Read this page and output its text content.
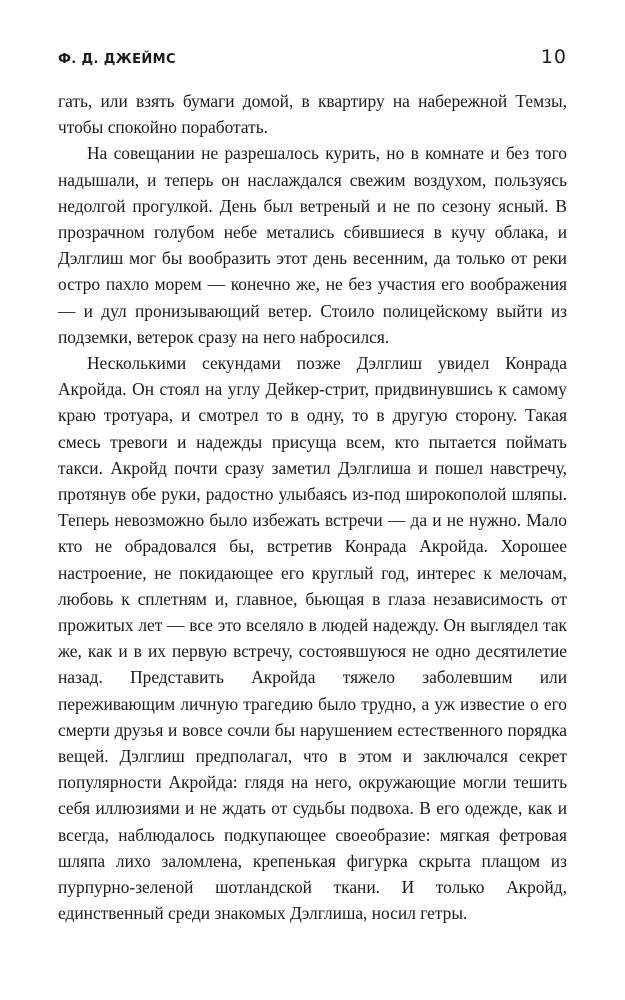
Ф. Д. ДЖЕЙМС	10

гать, или взять бумаги домой, в квартиру на набережной Темзы, чтобы спокойно поработать.

На совещании не разрешалось курить, но в комнате и без того надышали, и теперь он наслаждался свежим воздухом, пользуясь недолгой прогулкой. День был ветреный и не по сезону ясный. В прозрачном голубом небе метались сбившиеся в кучу облака, и Дэлглиш мог бы вообразить этот день весенним, да только от реки остро пахло морем — конечно же, не без участия его воображения — и дул пронизывающий ветер. Стоило полицейскому выйти из подземки, ветерок сразу на него набросился.

Несколькими секундами позже Дэлглиш увидел Конрада Акройда. Он стоял на углу Дейкер-стрит, придвинувшись к самому краю тротуара, и смотрел то в одну, то в другую сторону. Такая смесь тревоги и надежды присуща всем, кто пытается поймать такси. Акройд почти сразу заметил Дэлглиша и пошел навстречу, протянув обе руки, радостно улыбаясь из-под широкополой шляпы. Теперь невозможно было избежать встречи — да и не нужно. Мало кто не обрадовался бы, встретив Конрада Акройда. Хорошее настроение, не покидающее его круглый год, интерес к мелочам, любовь к сплетням и, главное, бьющая в глаза независимость от прожитых лет — все это вселяло в людей надежду. Он выглядел так же, как и в их первую встречу, состоявшуюся не одно десятилетие назад. Представить Акройда тяжело заболевшим или переживающим личную трагедию было трудно, а уж известие о его смерти друзья и вовсе сочли бы нарушением естественного порядка вещей. Дэлглиш предполагал, что в этом и заключался секрет популярности Акройда: глядя на него, окружающие могли тешить себя иллюзиями и не ждать от судьбы подвоха. В его одежде, как и всегда, наблюдалось подкупающее своеобразие: мягкая фетровая шляпа лихо заломлена, крепенькая фигурка скрыта плащом из пурпурно-зеленой шотландской ткани. И только Акройд, единственный среди знакомых Дэлглиша, носил гетры.
